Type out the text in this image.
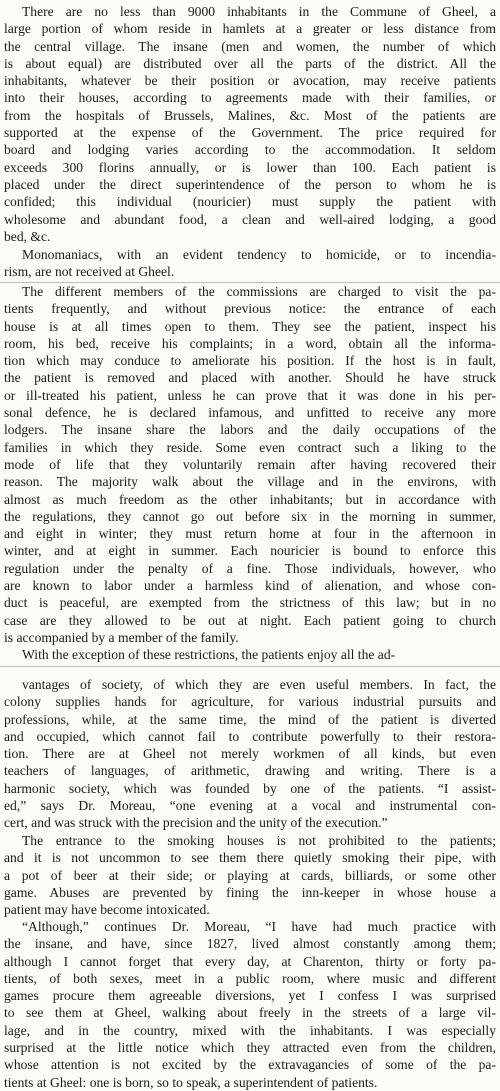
There are no less than 9000 inhabitants in the Commune of Gheel, a
large portion of whom reside in hamlets at a greater or less distance from
the central village. The insane (men and women, the number of which
is about equal) are distributed over all the parts of the district. All the
inhabitants, whatever be their position or avocation, may receive patients
into their houses, according to agreements made with their families, or
from the hospitals of Brussels, Malines, &c. Most of the patients are
supported at the expense of the Government. The price required for
board and lodging varies according to the accommodation. It seldom
exceeds 300 florins annually, or is lower than 100. Each patient is
placed under the direct superintendence of the person to whom he is
confided; this individual (nouricier) must supply the patient with
wholesome and abundant food, a clean and well-aired lodging, a good
bed, &c.
Monomaniacs, with an evident tendency to homicide, or to incendia-
rism, are not received at Gheel.
The different members of the commissions are charged to visit the pa-
tients frequently, and without previous notice: the entrance of each
house is at all times open to them. They see the patient, inspect his
room, his bed, receive his complaints; in a word, obtain all the informa-
tion which may conduce to ameliorate his position. If the host is in fault,
the patient is removed and placed with another. Should he have struck
or ill-treated his patient, unless he can prove that it was done in his per-
sonal defence, he is declared infamous, and unfitted to receive any more
lodgers. The insane share the labors and the daily occupations of the
families in which they reside. Some even contract such a liking to the
mode of life that they voluntarily remain after having recovered their
reason. The majority walk about the village and in the environs, with
almost as much freedom as the other inhabitants; but in accordance with
the regulations, they cannot go out before six in the morning in summer,
and eight in winter; they must return home at four in the afternoon in
winter, and at eight in summer. Each nouricier is bound to enforce this
regulation under the penalty of a fine. Those individuals, however, who
are known to labor under a harmless kind of alienation, and whose con-
duct is peaceful, are exempted from the strictness of this law; but in no
case are they allowed to be out at night. Each patient going to church
is accompanied by a member of the family.
With the exception of these restrictions, the patients enjoy all the ad-
vantages of society, of which they are even useful members. In fact, the
colony supplies hands for agriculture, for various industrial pursuits and
professions, while, at the same time, the mind of the patient is diverted
and occupied, which cannot fail to contribute powerfully to their restora-
tion. There are at Gheel not merely workmen of all kinds, but even
teachers of languages, of arithmetic, drawing and writing. There is a
harmonic society, which was founded by one of the patients. “I assist-
ed,” says Dr. Moreau, “one evening at a vocal and instrumental con-
cert, and was struck with the precision and the unity of the execution.”
The entrance to the smoking houses is not prohibited to the patients;
and it is not uncommon to see them there quietly smoking their pipe, with
a pot of beer at their side; or playing at cards, billiards, or some other
game. Abuses are prevented by fining the inn-keeper in whose house a
patient may have become intoxicated.
“Although,” continues Dr. Moreau, “I have had much practice with
the insane, and have, since 1827, lived almost constantly among them;
although I cannot forget that every day, at Charenton, thirty or forty pa-
tients, of both sexes, meet in a public room, where music and different
games procure them agreeable diversions, yet I confess I was surprised
to see them at Gheel, walking about freely in the streets of a large vil-
lage, and in the country, mixed with the inhabitants. I was especially
surprised at the little notice which they attracted even from the children,
whose attention is not excited by the extravagancies of some of the pa-
tients at Gheel: one is born, so to speak, a superintendent of patients.
